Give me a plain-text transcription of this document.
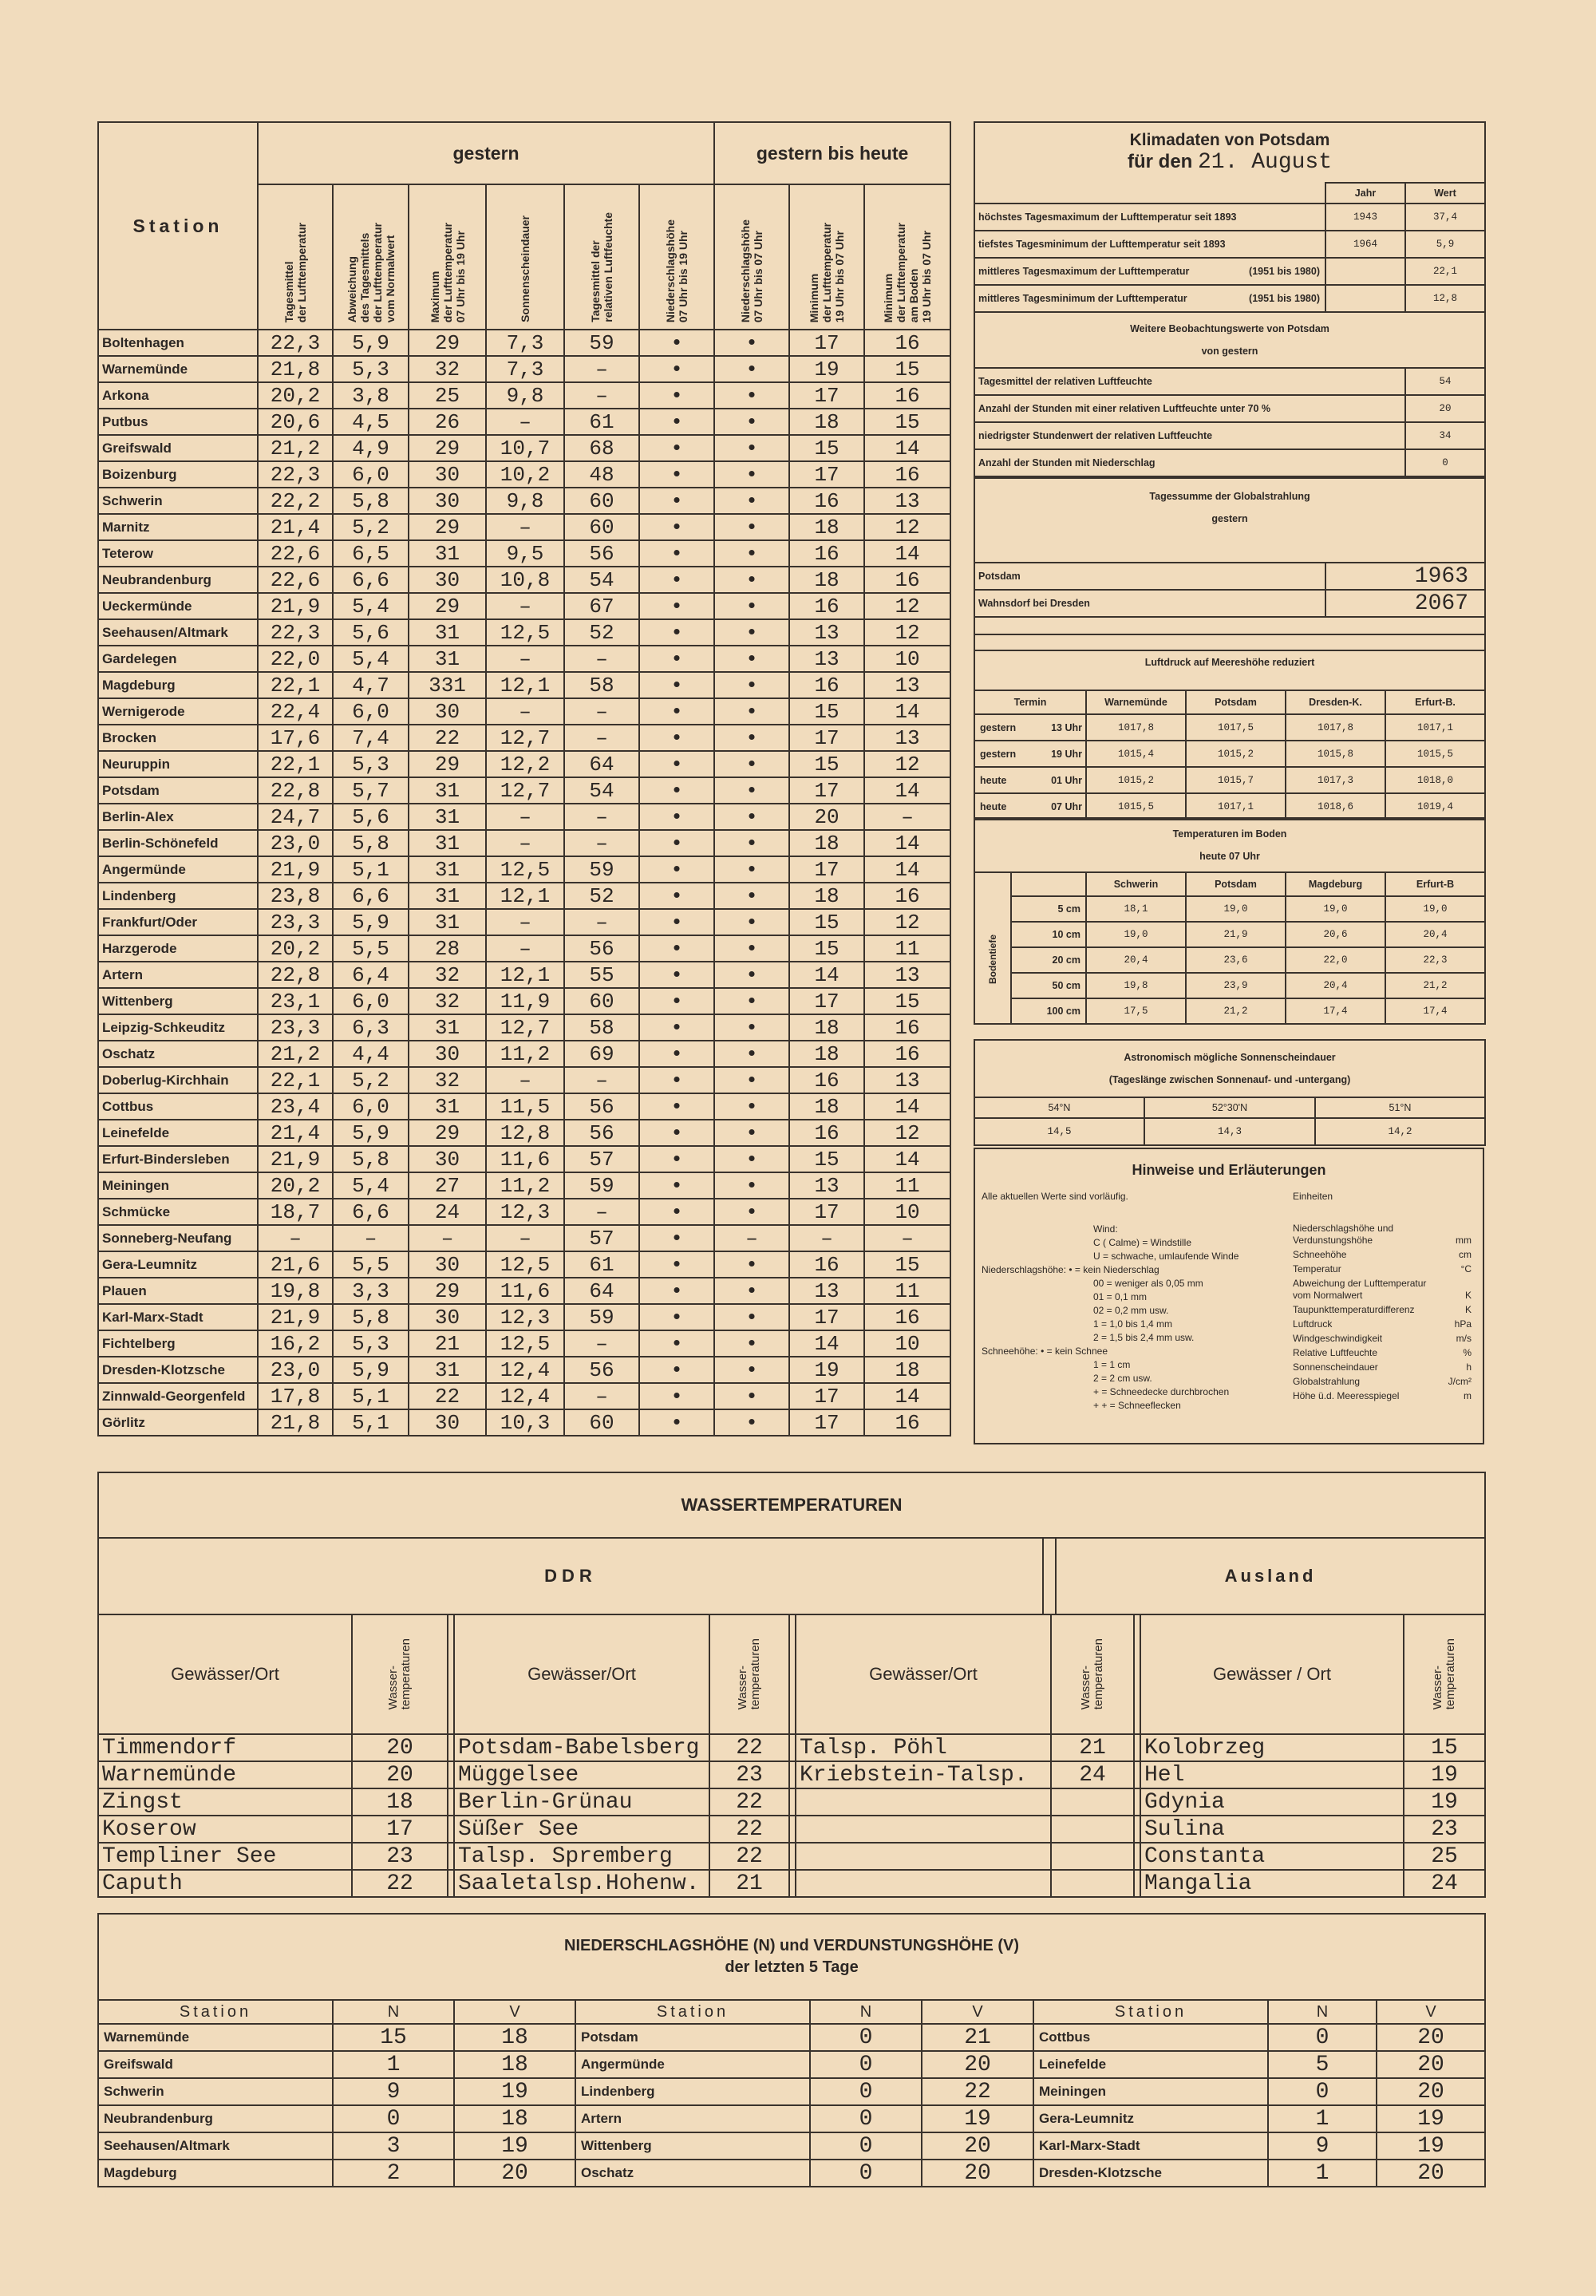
Station	gestern						gestern bis heute		

	Tagesmittel
der Lufttemperatur	Abweichung
des Tagesmittels
der Lufttemperatur
vom Normalwert	Maximum
der Lufttemperatur
07 Uhr bis 19 Uhr	Sonnenscheindauer	Tagesmittel der
relativen Luftfeuchte	Niederschlagshöhe
07 Uhr bis 19 Uhr	Niederschlagshöhe
07 Uhr bis 07 Uhr	Minimum
der Lufttemperatur
19 Uhr bis 07 Uhr	Minimum
der Lufttemperatur
am Boden
19 Uhr bis 07 Uhr

Boltenhagen	22,3	5,9	29	7,3	59	•	•	17	16
Warnemünde	21,8	5,3	32	7,3	–	•	•	19	15
Arkona	20,2	3,8	25	9,8	–	•	•	17	16
Putbus	20,6	4,5	26	–	61	•	•	18	15
Greifswald	21,2	4,9	29	10,7	68	•	•	15	14
Boizenburg	22,3	6,0	30	10,2	48	•	•	17	16
Schwerin	22,2	5,8	30	9,8	60	•	•	16	13
Marnitz	21,4	5,2	29	–	60	•	•	18	12
Teterow	22,6	6,5	31	9,5	56	•	•	16	14
Neubrandenburg	22,6	6,6	30	10,8	54	•	•	18	16
Ueckermünde	21,9	5,4	29	–	67	•	•	16	12
Seehausen/Altmark	22,3	5,6	31	12,5	52	•	•	13	12
Gardelegen	22,0	5,4	31	–	–	•	•	13	10
Magdeburg	22,1	4,7	331	12,1	58	•	•	16	13
Wernigerode	22,4	6,0	30	–	–	•	•	15	14
Brocken	17,6	7,4	22	12,7	–	•	•	17	13
Neuruppin	22,1	5,3	29	12,2	64	•	•	15	12
Potsdam	22,8	5,7	31	12,7	54	•	•	17	14
Berlin-Alex	24,7	5,6	31	–	–	•	•	20	–
Berlin-Schönefeld	23,0	5,8	31	–	–	•	•	18	14
Angermünde	21,9	5,1	31	12,5	59	•	•	17	14
Lindenberg	23,8	6,6	31	12,1	52	•	•	18	16
Frankfurt/Oder	23,3	5,9	31	–	–	•	•	15	12
Harzgerode	20,2	5,5	28	–	56	•	•	15	11
Artern	22,8	6,4	32	12,1	55	•	•	14	13
Wittenberg	23,1	6,0	32	11,9	60	•	•	17	15
Leipzig-Schkeuditz	23,3	6,3	31	12,7	58	•	•	18	16
Oschatz	21,2	4,4	30	11,2	69	•	•	18	16
Doberlug-Kirchhain	22,1	5,2	32	–	–	•	•	16	13
Cottbus	23,4	6,0	31	11,5	56	•	•	18	14
Leinefelde	21,4	5,9	29	12,8	56	•	•	16	12
Erfurt-Bindersleben	21,9	5,8	30	11,6	57	•	•	15	14
Meiningen	20,2	5,4	27	11,2	59	•	•	13	11
Schmücke	18,7	6,6	24	12,3	–	•	•	17	10
Sonneberg-Neufang	–	–	–	–	57	•	–	–	–
Gera-Leumnitz	21,6	5,5	30	12,5	61	•	•	16	15
Plauen	19,8	3,3	29	11,6	64	•	•	13	11
Karl-Marx-Stadt	21,9	5,8	30	12,3	59	•	•	17	16
Fichtelberg	16,2	5,3	21	12,5	–	•	•	14	10
Dresden-Klotzsche	23,0	5,9	31	12,4	56	•	•	19	18
Zinnwald-Georgenfeld	17,8	5,1	22	12,4	–	•	•	17	14
Görlitz	21,8	5,1	30	10,3	60	•	•	17	16
Klimadaten von Potsdam
für den 21. August		

	Jahr	Wert
höchstes Tagesmaximum der Lufttemperatur seit 1893	1943	37,4
tiefstes Tagesminimum der Lufttemperatur seit 1893	1964	5,9
mittleres Tagesmaximum der Lufttemperatur (1951 bis 1980)		22,1
mittleres Tagesminimum der Lufttemperatur (1951 bis 1980)		12,8
Weitere Beobachtungswerte von Potsdam
von gestern	

Tagesmittel der relativen Luftfeuchte	54
Anzahl der Stunden mit einer relativen Luftfeuchte unter 70 %	20
niedrigster Stundenwert der relativen Luftfeuchte	34
Anzahl der Stunden mit Niederschlag	0
Tagessumme der Globalstrahlung
gestern	

Potsdam	1963
Wahnsdorf bei Dresden	2067

Luftdruck auf Meereshöhe reduziert				
Termin	Warnemünde	Potsdam	Dresden-K.	Erfurt-B.
gestern 13 Uhr	1017,8	1017,5	1017,8	1017,1
gestern 19 Uhr	1015,4	1015,2	1015,8	1015,5
heute 01 Uhr	1015,2	1015,7	1017,3	1018,0
heute 07 Uhr	1015,5	1017,1	1018,6	1019,4
Temperaturen im Boden
heute 07 Uhr					

		Schwerin	Potsdam	Magdeburg	Erfurt-B

Bodentiefe	5 cm	18,1	19,0	19,0	19,0
	10 cm	19,0	21,9	20,6	20,4
	20 cm	20,4	23,6	22,0	22,3
	50 cm	19,8	23,9	20,4	21,2
	100 cm	17,5	21,2	17,4	17,4
Astronomisch mögliche Sonnenscheindauer
(Tageslänge zwischen Sonnenauf- und -untergang)		

54°N	52°30'N	51°N
14,5	14,3	14,2
Hinweise und Erläuterungen
Alle aktuellen Werte sind vorläufig.	Einheiten
Wind:
C ( Calme) = Windstille
U = schwache, umlaufende Winde
Niederschlagshöhe: • = kein Niederschlag
00 = weniger als 0,05 mm
01 = 0,1 mm
02 = 0,2 mm usw.
1 = 1,0 bis 1,4 mm
2 = 1,5 bis 2,4 mm usw.
Schneehöhe: • = kein Schnee
1 = 1 cm
2 = 2 cm usw.
+ = Schneedecke durchbrochen
+ + = Schneeflecken
Niederschlagshöhe und Verdunstungshöhe	mm
Schneehöhe	cm
Temperatur	°C
Abweichung der Lufttemperatur vom Normalwert	K
Taupunkttemperaturdifferenz	K
Luftdruck	hPa
Windgeschwindigkeit	m/s
Relative Luftfeuchte	%
Sonnenscheindauer	h
Globalstrahlung	J/cm²
Höhe ü.d. Meeresspiegel	m
WASSERTEMPERATUREN
DDR		Ausland
Gewässer/Ort	Wasser-
temperaturen		Gewässer/Ort	Wasser-
temperaturen		Gewässer/Ort	Wasser-
temperaturen		Gewässer / Ort	Wasser-
temperaturen

Timmendorf	20		Potsdam-Babelsberg	22		Talsp. Pöhl	21		Kolobrzeg	15
Warnemünde	20		Müggelsee	23		Kriebstein-Talsp.	24		Hel	19
Zingst	18		Berlin-Grünau	22					Gdynia	19
Koserow	17		Süßer See	22					Sulina	23
Templiner See	23		Talsp. Spremberg	22					Constanta	25
Caputh	22		Saaletalsp.Hohenw.	21					Mangalia	24
NIEDERSCHLAGSHÖHE (N) und VERDUNSTUNGSHÖHE (V)
der letzten 5 Tage								

Station	N	V	Station	N	V	Station	N	V
Warnemünde	15	18	Potsdam	0	21	Cottbus	0	20
Greifswald	1	18	Angermünde	0	20	Leinefelde	5	20
Schwerin	9	19	Lindenberg	0	22	Meiningen	0	20
Neubrandenburg	0	18	Artern	0	19	Gera-Leumnitz	1	19
Seehausen/Altmark	3	19	Wittenberg	0	20	Karl-Marx-Stadt	9	19
Magdeburg	2	20	Oschatz	0	20	Dresden-Klotzsche	1	20
